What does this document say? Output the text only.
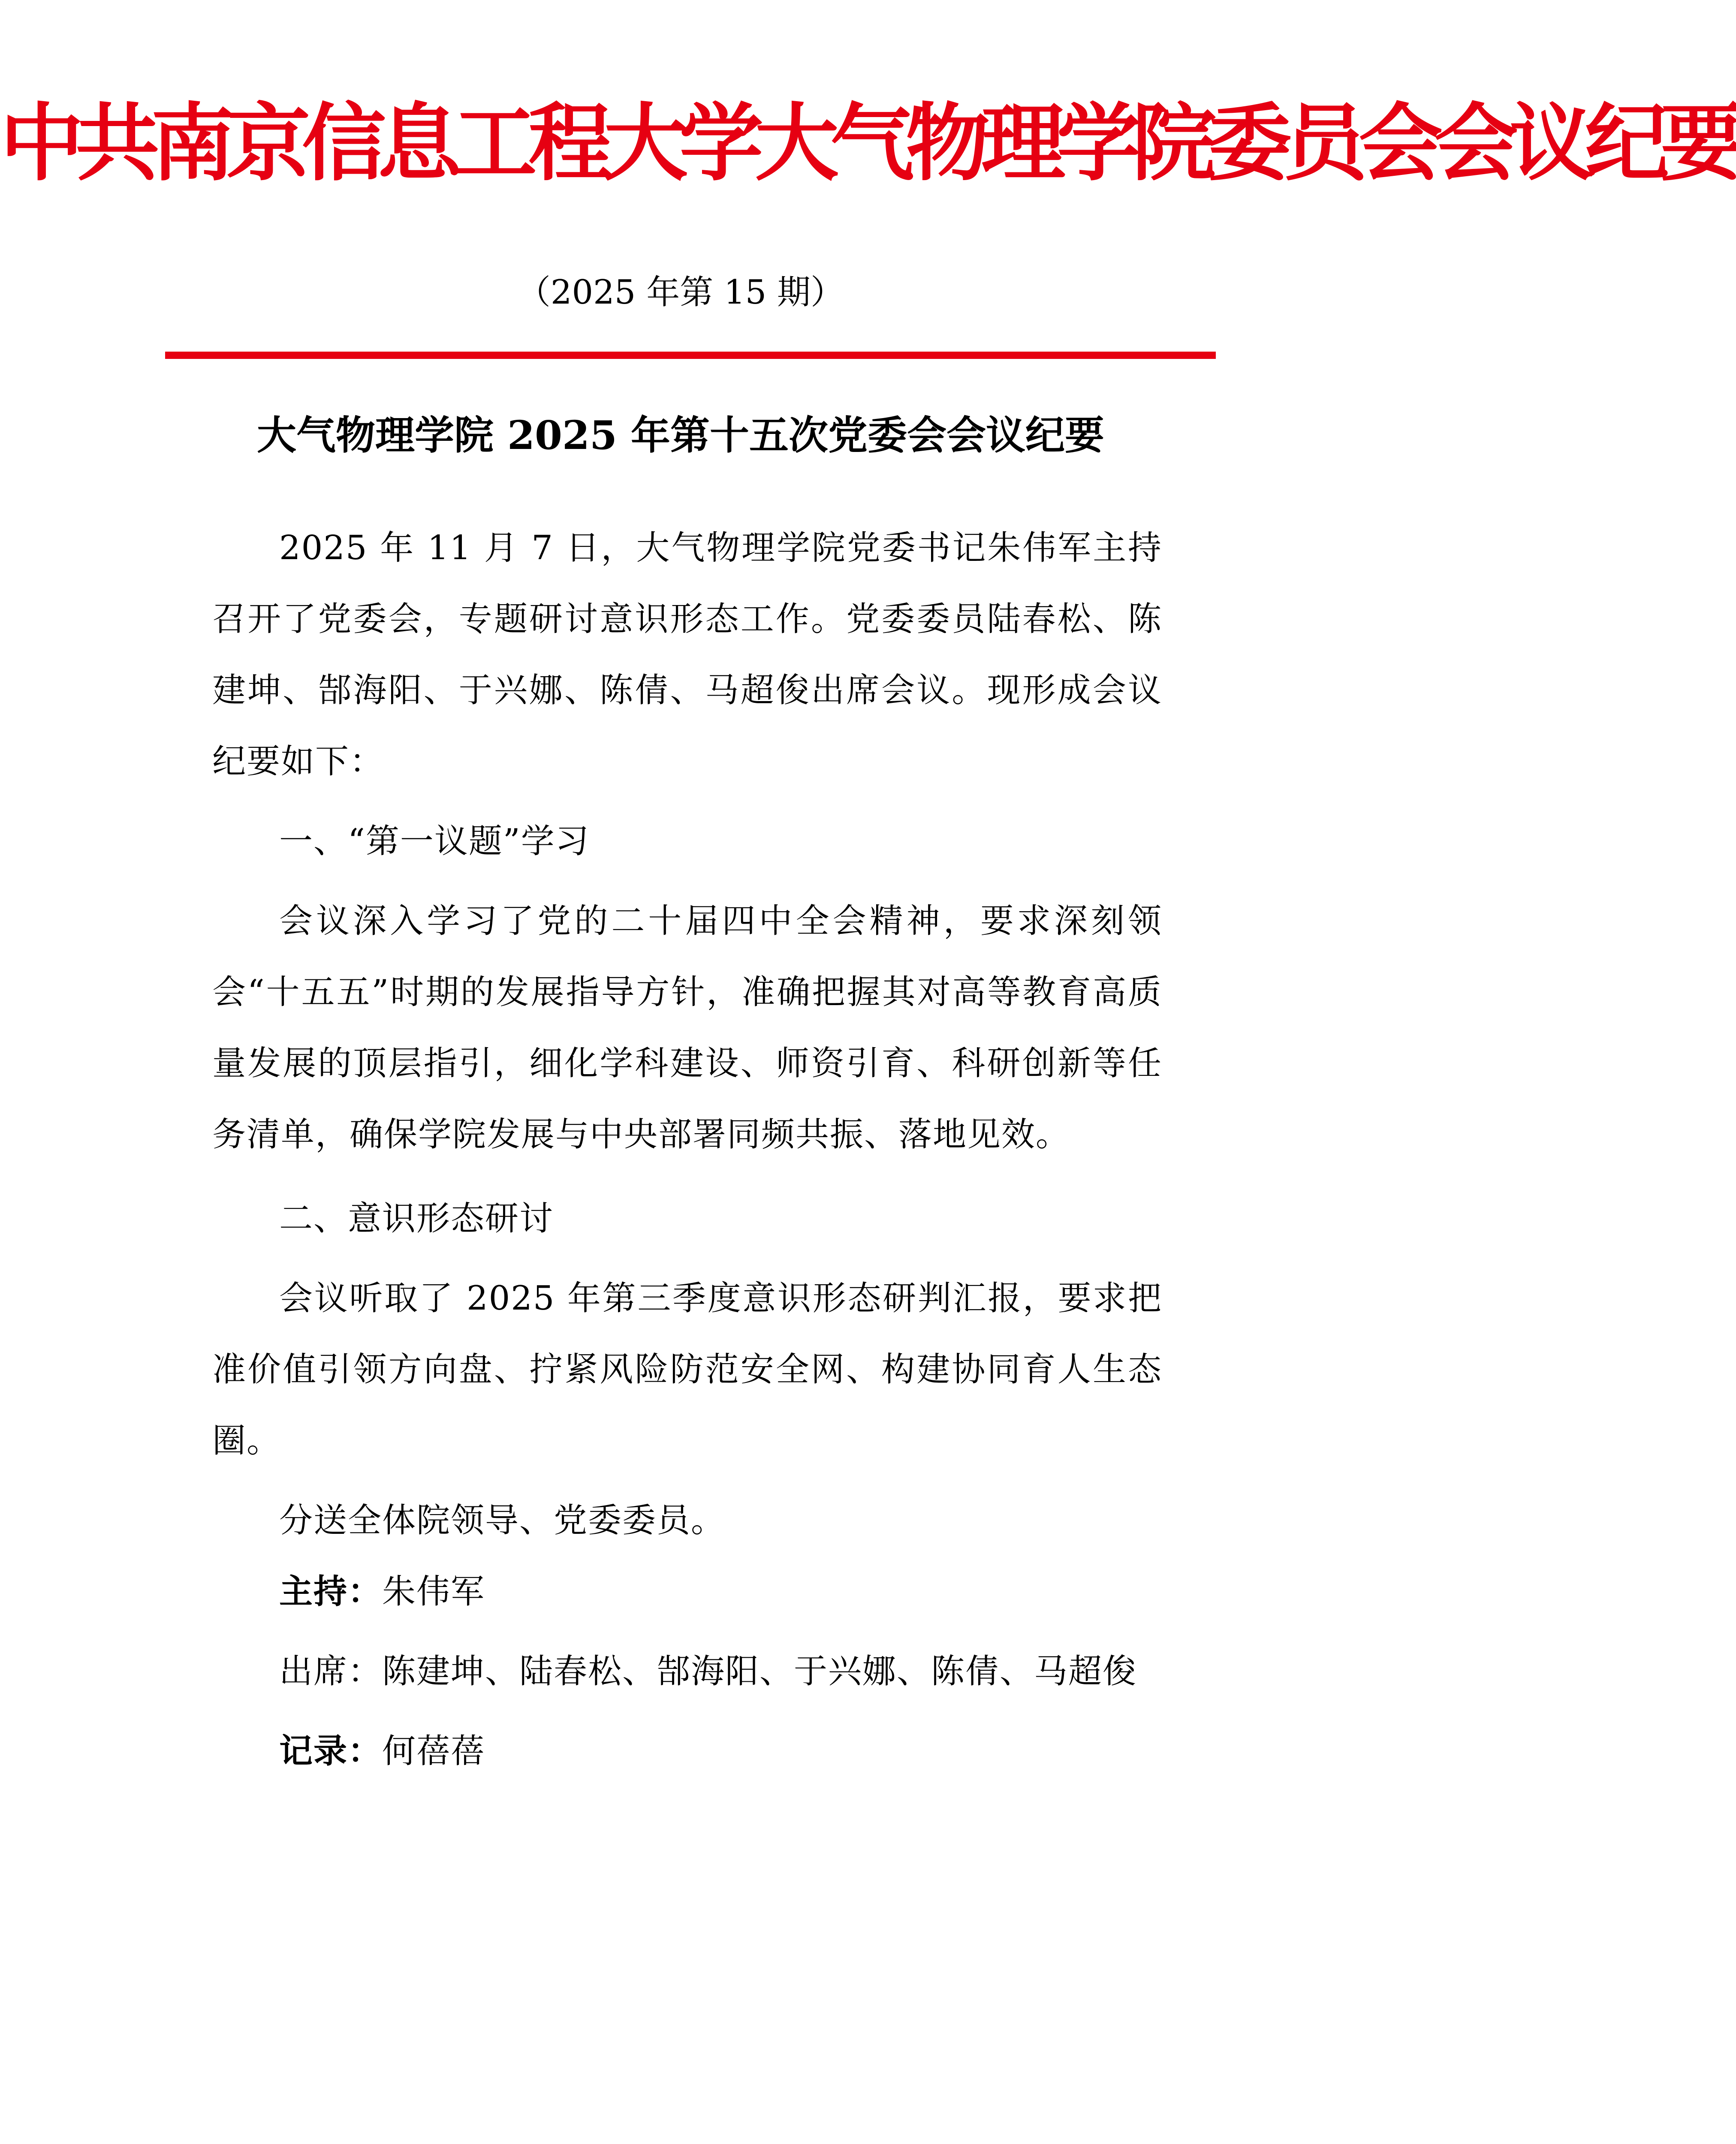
中共南京信息工程大学大气物理学院委员会会议纪要
（2025 年第 15 期）
大气物理学院 2025 年第十五次党委会会议纪要

2025 年 11 月 7 日，大气物理学院党委书记朱伟军主持召开了党委会，专题研讨意识形态工作。党委委员陆春松、陈建坤、郜海阳、于兴娜、陈倩、马超俊出席会议。现形成会议纪要如下：

一、“第一议题”学习

会议深入学习了党的二十届四中全会精神，要求深刻领会“十五五”时期的发展指导方针，准确把握其对高等教育高质量发展的顶层指引，细化学科建设、师资引育、科研创新等任务清单，确保学院发展与中央部署同频共振、落地见效。

二、意识形态研讨

会议听取了 2025 年第三季度意识形态研判汇报，要求把准价值引领方向盘、拧紧风险防范安全网、构建协同育人生态圈。

分送全体院领导、党委委员。

主持：朱伟军

出席：陈建坤、陆春松、郜海阳、于兴娜、陈倩、马超俊

记录：何蓓蓓
